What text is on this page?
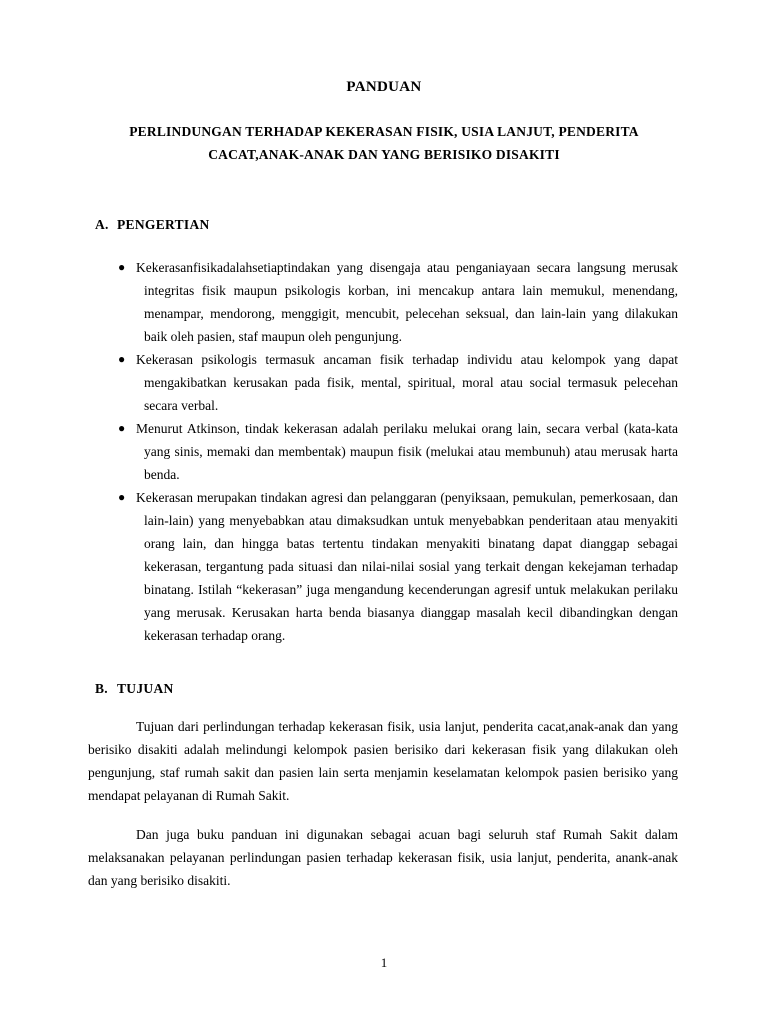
PANDUAN
PERLINDUNGAN TERHADAP KEKERASAN FISIK, USIA LANJUT, PENDERITA
CACAT,ANAK-ANAK DAN YANG BERISIKO DISAKITI
A. PENGERTIAN
● Kekerasanfisikadalahsetiaptindakan yang disengaja atau penganiayaan secara langsung merusak integritas fisik maupun psikologis korban, ini mencakup antara lain memukul, menendang, menampar, mendorong, menggigit, mencubit, pelecehan seksual, dan lain-lain yang dilakukan baik oleh pasien, staf maupun oleh pengunjung.
● Kekerasan psikologis termasuk ancaman fisik terhadap individu atau kelompok yang dapat mengakibatkan kerusakan pada fisik, mental, spiritual, moral atau social termasuk pelecehan secara verbal.
● Menurut Atkinson, tindak kekerasan adalah perilaku melukai orang lain, secara verbal (kata-kata yang sinis, memaki dan membentak) maupun fisik (melukai atau membunuh) atau merusak harta benda.
● Kekerasan merupakan tindakan agresi dan pelanggaran (penyiksaan, pemukulan, pemerkosaan, dan lain-lain) yang menyebabkan atau dimaksudkan untuk menyebabkan penderitaan atau menyakiti orang lain, dan hingga batas tertentu tindakan menyakiti binatang dapat dianggap sebagai kekerasan, tergantung pada situasi dan nilai-nilai sosial yang terkait dengan kekejaman terhadap binatang. Istilah “kekerasan” juga mengandung kecenderungan agresif untuk melakukan perilaku yang merusak. Kerusakan harta benda biasanya dianggap masalah kecil dibandingkan dengan kekerasan terhadap orang.
B. TUJUAN

Tujuan dari perlindungan terhadap kekerasan fisik, usia lanjut, penderita cacat,anak-anak dan yang berisiko disakiti adalah melindungi kelompok pasien berisiko dari kekerasan fisik yang dilakukan oleh pengunjung, staf rumah sakit dan pasien lain serta menjamin keselamatan kelompok pasien berisiko yang mendapat pelayanan di Rumah Sakit.

Dan juga buku panduan ini digunakan sebagai acuan bagi seluruh staf Rumah Sakit dalam melaksanakan pelayanan perlindungan pasien terhadap kekerasan fisik, usia lanjut, penderita, anank-anak dan yang berisiko disakiti.

1
